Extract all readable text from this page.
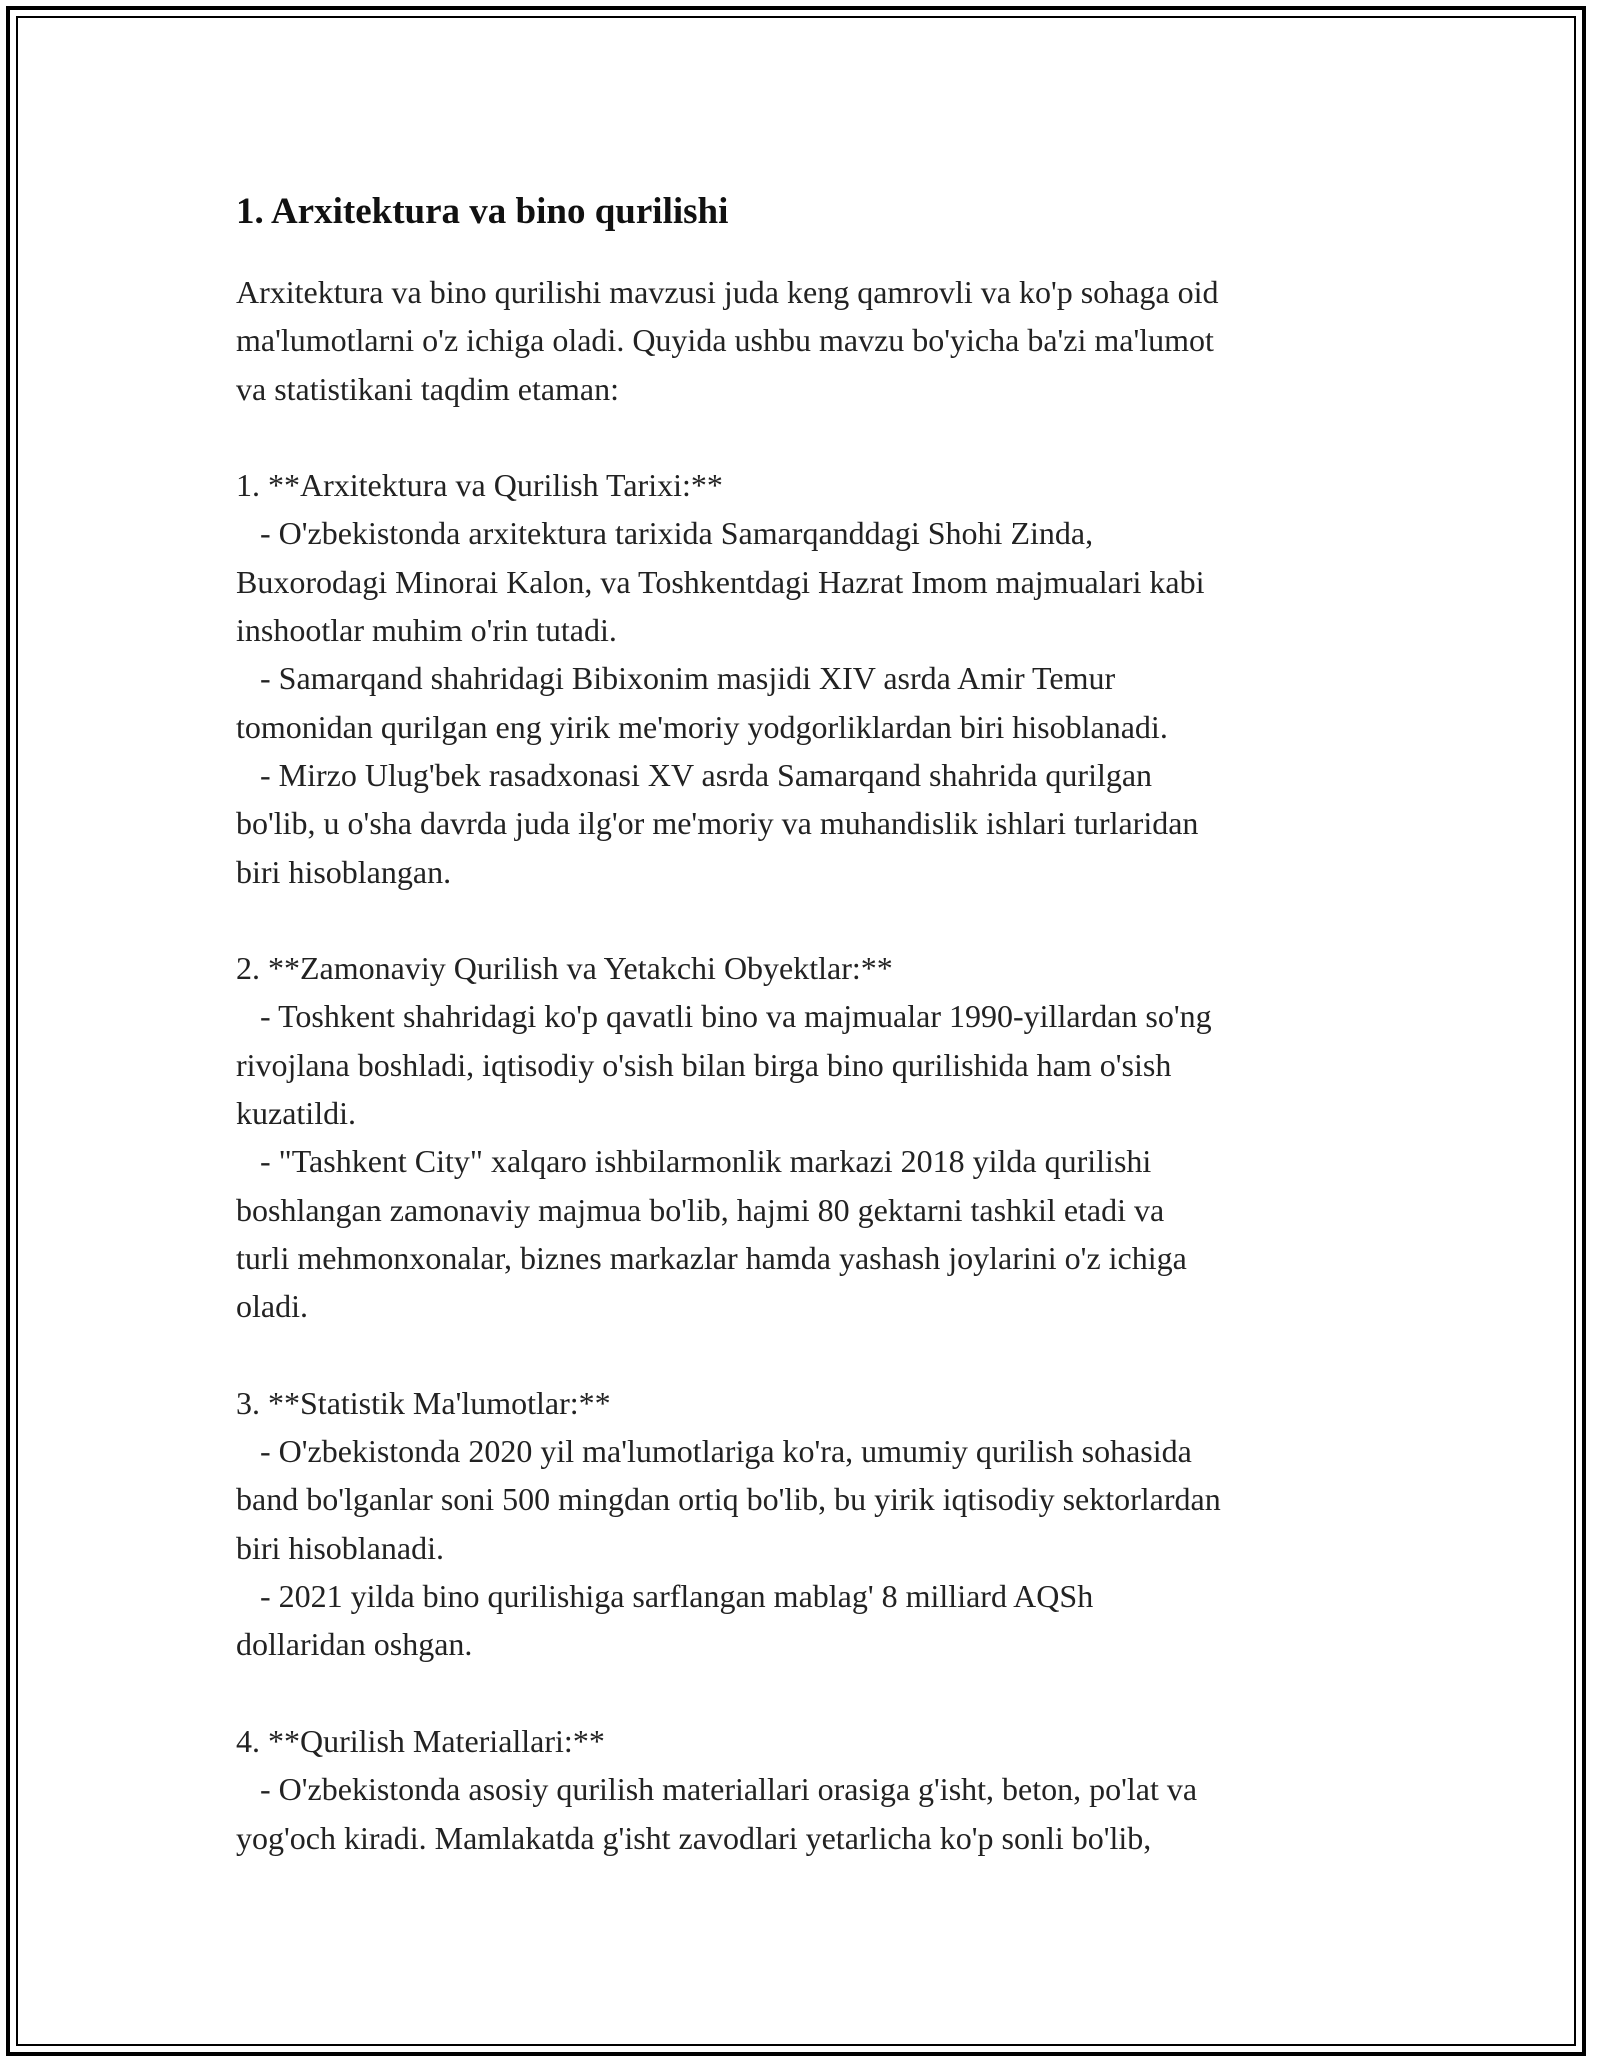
1. Arxitektura va bino qurilishi

Arxitektura va bino qurilishi mavzusi juda keng qamrovli va ko'p sohaga oid
ma'lumotlarni o'z ichiga oladi. Quyida ushbu mavzu bo'yicha ba'zi ma'lumot
va statistikani taqdim etaman:

1. **Arxitektura va Qurilish Tarixi:**

- O'zbekistonda arxitektura tarixida Samarqanddagi Shohi Zinda,
Buxorodagi Minorai Kalon, va Toshkentdagi Hazrat Imom majmualari kabi
inshootlar muhim o'rin tutadi.

- Samarqand shahridagi Bibixonim masjidi XIV asrda Amir Temur
tomonidan qurilgan eng yirik me'moriy yodgorliklardan biri hisoblanadi.

- Mirzo Ulug'bek rasadxonasi XV asrda Samarqand shahrida qurilgan
bo'lib, u o'sha davrda juda ilg'or me'moriy va muhandislik ishlari turlaridan
biri hisoblangan.

2. **Zamonaviy Qurilish va Yetakchi Obyektlar:**

- Toshkent shahridagi ko'p qavatli bino va majmualar 1990-yillardan so'ng
rivojlana boshladi, iqtisodiy o'sish bilan birga bino qurilishida ham o'sish
kuzatildi.

- "Tashkent City" xalqaro ishbilarmonlik markazi 2018 yilda qurilishi
boshlangan zamonaviy majmua bo'lib, hajmi 80 gektarni tashkil etadi va
turli mehmonxonalar, biznes markazlar hamda yashash joylarini o'z ichiga
oladi.

3. **Statistik Ma'lumotlar:**

- O'zbekistonda 2020 yil ma'lumotlariga ko'ra, umumiy qurilish sohasida
band bo'lganlar soni 500 mingdan ortiq bo'lib, bu yirik iqtisodiy sektorlardan
biri hisoblanadi.

- 2021 yilda bino qurilishiga sarflangan mablag' 8 milliard AQSh
dollaridan oshgan.

4. **Qurilish Materiallari:**

- O'zbekistonda asosiy qurilish materiallari orasiga g'isht, beton, po'lat va
yog'och kiradi. Mamlakatda g'isht zavodlari yetarlicha ko'p sonli bo'lib,
